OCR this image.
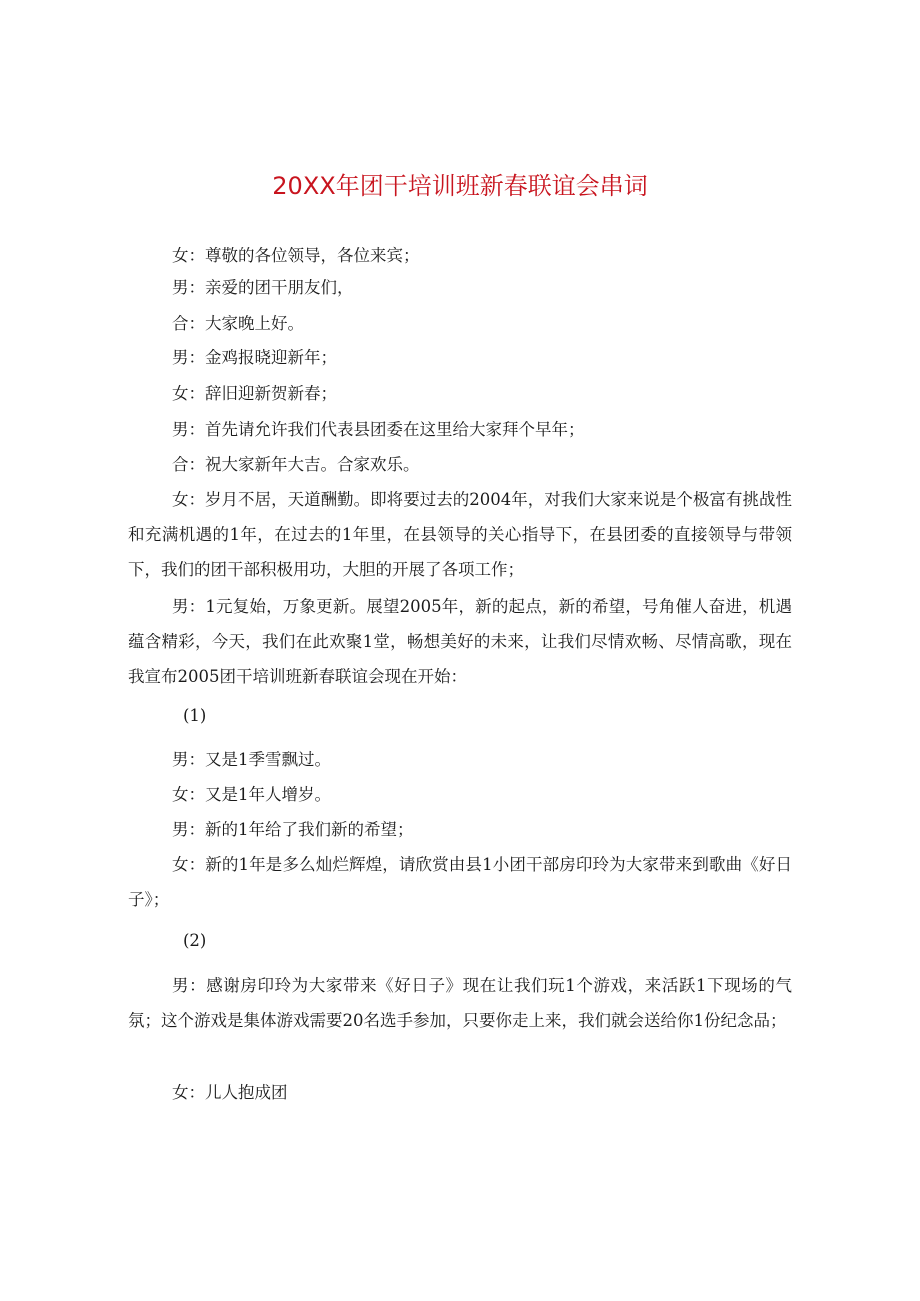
20XX年团干培训班新春联谊会串词

女：尊敬的各位领导，各位来宾；

男：亲爱的团干朋友们，

合：大家晚上好。

男：金鸡报晓迎新年；

女：辞旧迎新贺新春；

男：首先请允许我们代表县团委在这里给大家拜个早年；

合：祝大家新年大吉。合家欢乐。

女：岁月不居，天道酬勤。即将要过去的2004年，对我们大家来说是个极富有挑战性和充满机遇的1年，在过去的1年里，在县领导的关心指导下，在县团委的直接领导与带领下，我们的团干部积极用功，大胆的开展了各项工作；

男：1元复始，万象更新。展望2005年，新的起点，新的希望，号角催人奋进，机遇蕴含精彩，今天，我们在此欢聚1堂，畅想美好的未来，让我们尽情欢畅、尽情高歌，现在我宣布2005团干培训班新春联谊会现在开始：

(1)

男：又是1季雪飘过。

女：又是1年人增岁。

男：新的1年给了我们新的希望；

女：新的1年是多么灿烂辉煌，请欣赏由县1小团干部房印玲为大家带来到歌曲《好日子》；

(2)

男：感谢房印玲为大家带来《好日子》现在让我们玩1个游戏，来活跃1下现场的气氛；这个游戏是集体游戏需要20名选手参加，只要你走上来，我们就会送给你1份纪念品；

女：儿人抱成团
